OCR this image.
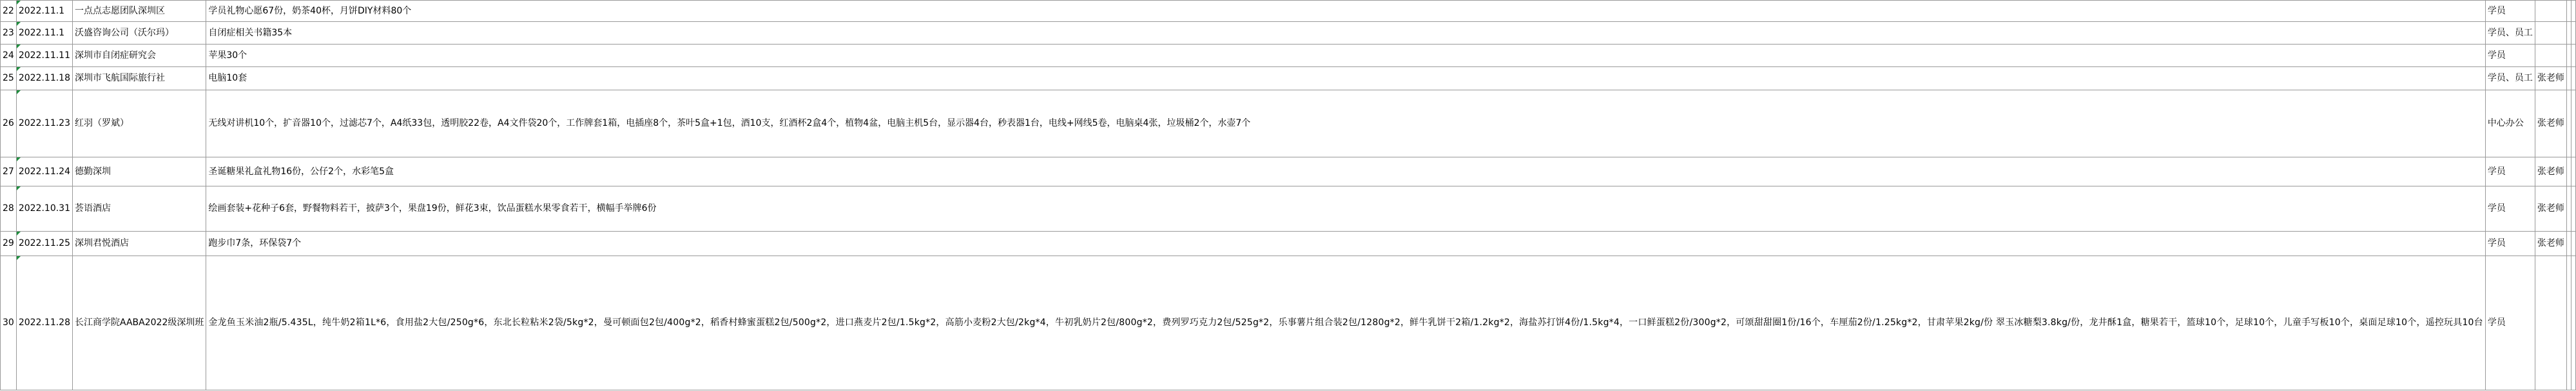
22	2022.11.1	一点点志愿团队深圳区	学员礼物心愿67份，奶茶40杯，月饼DIY材料80个	学员			
23	2022.11.1	沃盛咨询公司（沃尔玛）	自闭症相关书籍35本	学员、员工			
24	2022.11.11	深圳市自闭症研究会	苹果30个	学员			
25	2022.11.18	深圳市飞航国际旅行社	电脑10套	学员、员工	张老师		
26	2022.11.23	红羽（罗斌）	无线对讲机10个，扩音器10个，过滤芯7个，A4纸33包，透明胶22卷，A4文件袋20个，工作牌套1箱，电插座8个，茶叶5盒+1包，酒10支，红酒杯2盒4个，植物4盆，电脑主机5台，显示器4台，秒表器1台，电线+网线5卷，电脑桌4张，垃圾桶2个，水壶7个	中心办公	张老师		
27	2022.11.24	德勤深圳	圣诞糖果礼盒礼物16份，公仔2个，水彩笔5盒	学员	张老师		
28	2022.10.31	荟语酒店	绘画套装+花种子6套，野餐物料若干，披萨3个，果盘19份，鲜花3束，饮品蛋糕水果零食若干，横幅手举牌6份	学员	张老师		
29	2022.11.25	深圳君悦酒店	跑步巾7条，环保袋7个	学员	张老师		
30	2022.11.28	长江商学院AABA2022级深圳班	金龙鱼玉米油2瓶/5.435L，纯牛奶2箱1L*6，食用盐2大包/250g*6，东北长粒粘米2袋/5kg*2，曼可顿面包2包/400g*2，稻香村蜂蜜蛋糕2包/500g*2，进口燕麦片2包/1.5kg*2，高筋小麦粉2大包/2kg*4，牛初乳奶片2包/800g*2，费列罗巧克力2包/525g*2，乐事薯片组合装2包/1280g*2，鲜牛乳饼干2箱/1.2kg*2，海盐苏打饼4份/1.5kg*4，一口鲜蛋糕2份/300g*2，可颂甜甜圈1份/16个，车厘茄2份/1.25kg*2，甘肃苹果2kg/份 翠玉冰糖梨3.8kg/份，龙井酥1盒，糖果若干，篮球10个，足球10个，儿童手写板10个，桌面足球10个，遥控玩具10台	学员			
